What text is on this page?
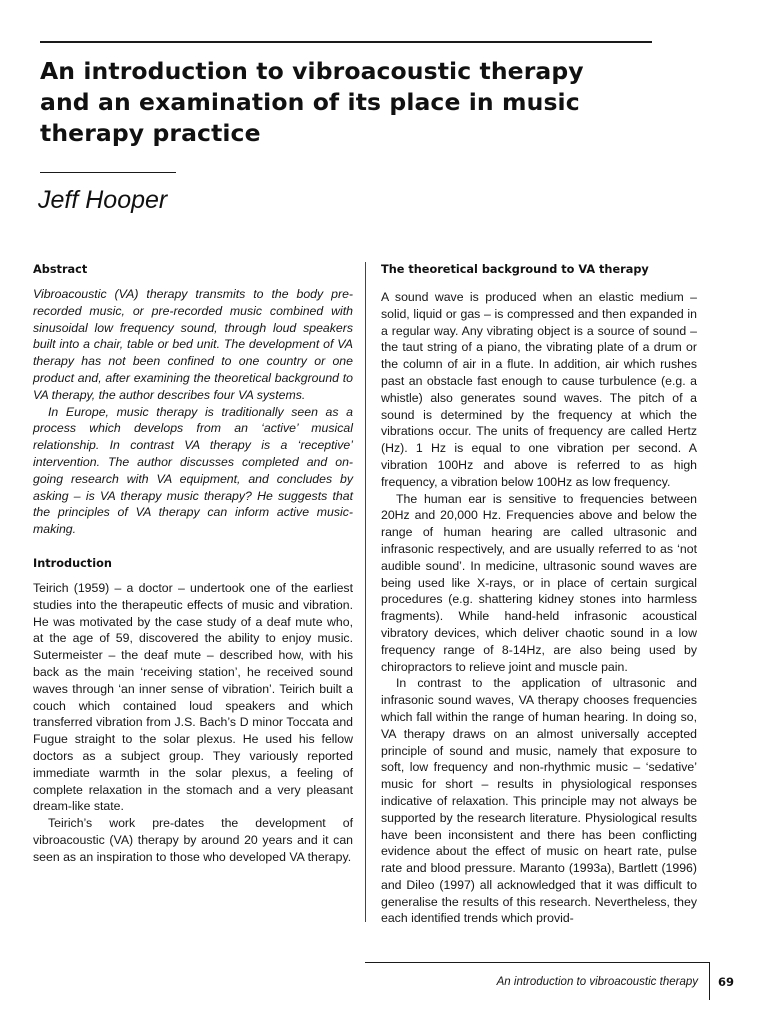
An introduction to vibroacoustic therapy
and an examination of its place in music
therapy practice
Jeff Hooper
Abstract

Vibroacoustic (VA) therapy transmits to the body pre-recorded music, or pre-recorded music combined with sinusoidal low frequency sound, through loud speakers built into a chair, table or bed unit. The development of VA therapy has not been confined to one country or one product and, after examining the theoretical background to VA therapy, the author describes four VA systems.

In Europe, music therapy is traditionally seen as a process which develops from an ‘active’ musical relationship. In contrast VA therapy is a ‘receptive’ intervention. The author discusses completed and on-going research with VA equipment, and concludes by asking – is VA therapy music therapy? He suggests that the principles of VA therapy can inform active music-making.

Introduction

Teirich (1959) – a doctor – undertook one of the earliest studies into the therapeutic effects of music and vibration. He was motivated by the case study of a deaf mute who, at the age of 59, discovered the ability to enjoy music. Sutermeister – the deaf mute – described how, with his back as the main ‘receiving station’, he received sound waves through ‘an inner sense of vibration’. Teirich built a couch which contained loud speakers and which transferred vibration from J.S. Bach’s D minor Toccata and Fugue straight to the solar plexus. He used his fellow doctors as a subject group. They variously reported immediate warmth in the solar plexus, a feeling of complete relaxation in the stomach and a very pleasant dream-like state.

Teirich’s work pre-dates the development of vibroacoustic (VA) therapy by around 20 years and it can seen as an inspiration to those who developed VA therapy.

The theoretical background to VA therapy

A sound wave is produced when an elastic medium – solid, liquid or gas – is compressed and then expanded in a regular way. Any vibrating object is a source of sound – the taut string of a piano, the vibrating plate of a drum or the column of air in a flute. In addition, air which rushes past an obstacle fast enough to cause turbulence (e.g. a whistle) also generates sound waves. The pitch of a sound is determined by the frequency at which the vibrations occur. The units of frequency are called Hertz (Hz). 1 Hz is equal to one vibration per second. A vibration 100Hz and above is referred to as high frequency, a vibration below 100Hz as low frequency.

The human ear is sensitive to frequencies between 20Hz and 20,000 Hz. Frequencies above and below the range of human hearing are called ultrasonic and infrasonic respectively, and are usually referred to as ‘not audible sound’. In medicine, ultrasonic sound waves are being used like X-rays, or in place of certain surgical procedures (e.g. shattering kidney stones into harmless fragments). While hand-held infrasonic acoustical vibratory devices, which deliver chaotic sound in a low frequency range of 8-14Hz, are also being used by chiropractors to relieve joint and muscle pain.

In contrast to the application of ultrasonic and infrasonic sound waves, VA therapy chooses frequencies which fall within the range of human hearing. In doing so, VA therapy draws on an almost universally accepted principle of sound and music, namely that exposure to soft, low frequency and non-rhythmic music – ‘sedative’ music for short – results in physiological responses indicative of relaxation. This principle may not always be supported by the research literature. Physiological results have been inconsistent and there has been conflicting evidence about the effect of music on heart rate, pulse rate and blood pressure. Maranto (1993a), Bartlett (1996) and Dileo (1997) all acknowledged that it was difficult to generalise the results of this research. Nevertheless, they each identified trends which provid-

An introduction to vibroacoustic therapy 69
